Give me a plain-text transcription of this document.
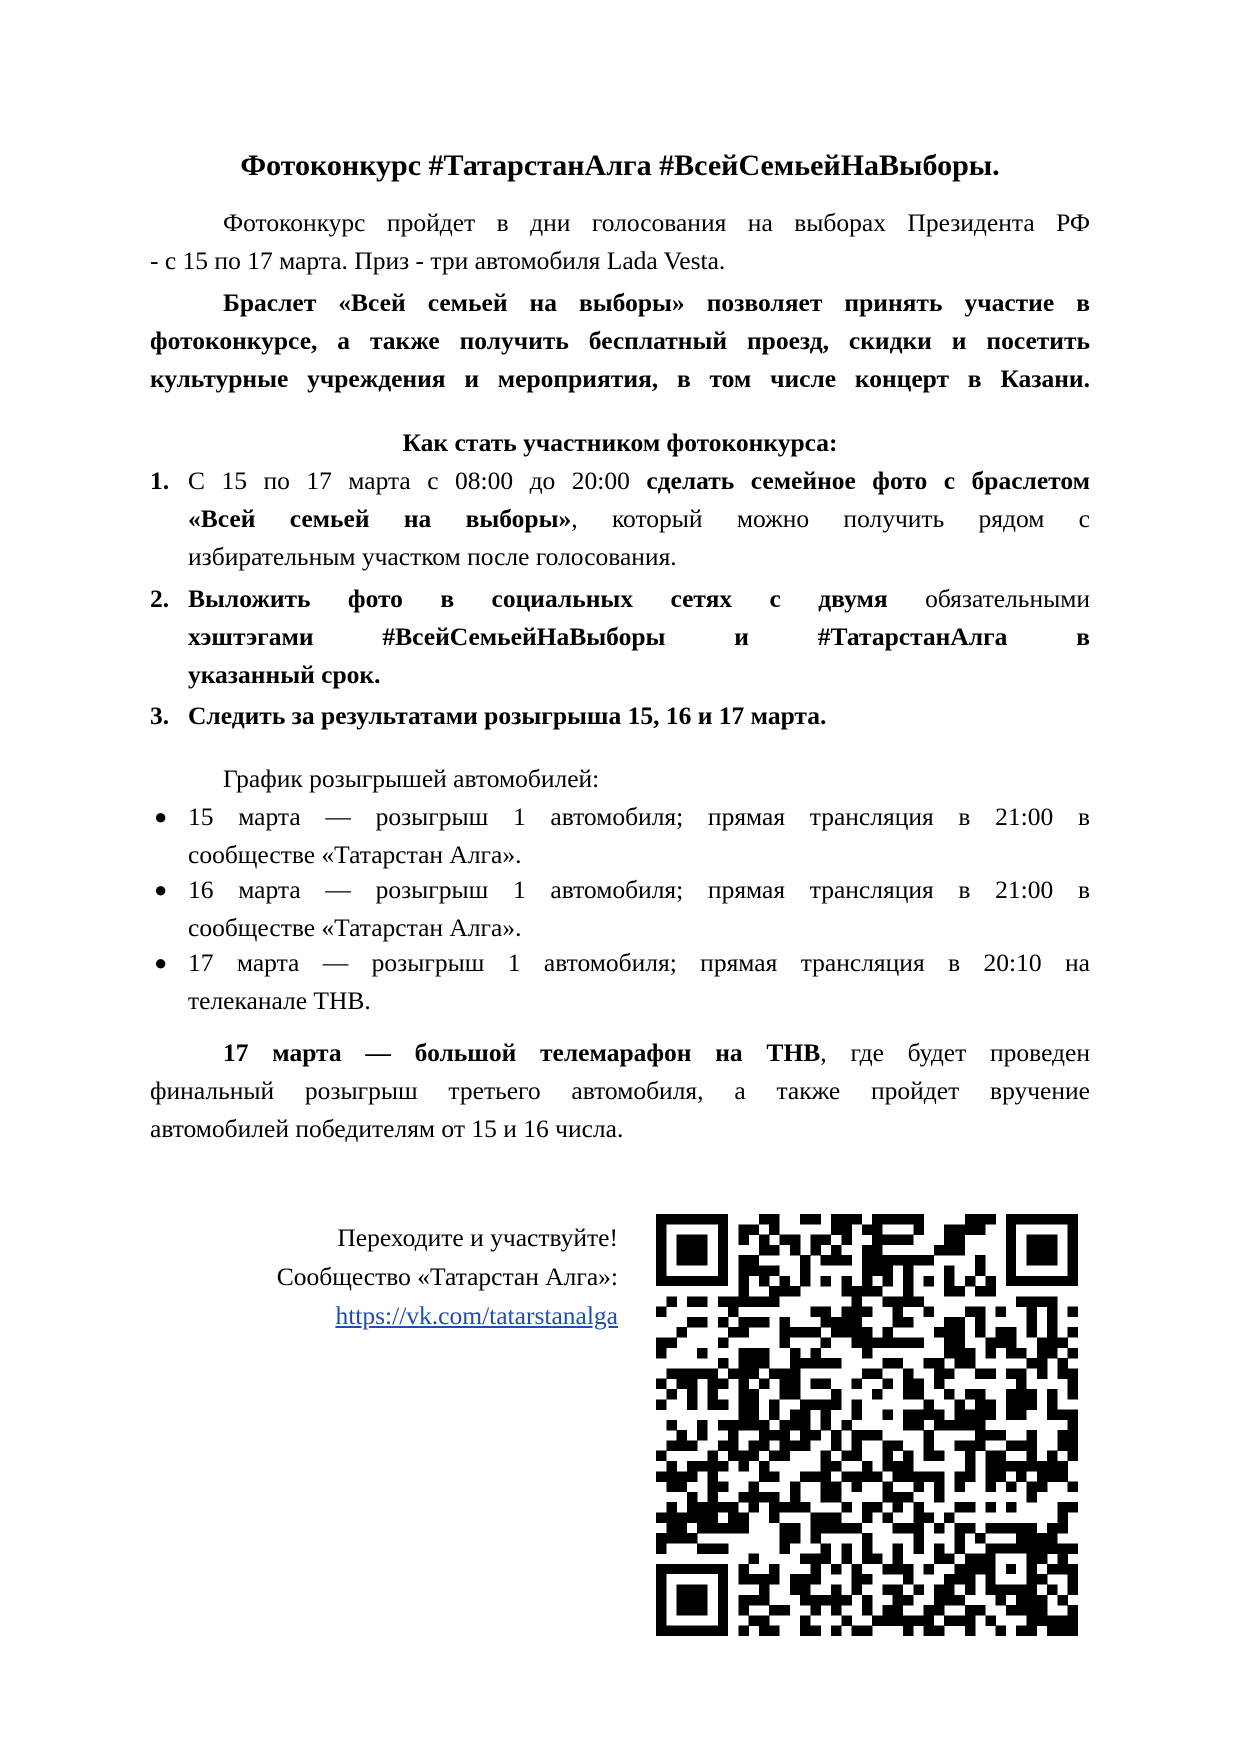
Фотоконкурс #ТатарстанАлга #ВсейСемьейНаВыборы.
Фотоконкурс пройдет в дни голосования на выборах Президента РФ
- с 15 по 17 марта. Приз - три автомобиля Lada Vesta.
Браслет «Всей семьей на выборы» позволяет принять участие в
фотоконкурсе, а также получить бесплатный проезд, скидки и посетить
культурные учреждения и мероприятия, в том числе концерт в Казани.
Как стать участником фотоконкурса:
1. С 15 по 17 марта с 08:00 до 20:00 сделать семейное фото с браслетом
«Всей семьей на выборы», который можно получить рядом с
избирательным участком после голосования.
2. Выложить фото в социальных сетях с двумя обязательными
хэштэгами #ВсейСемьейНаВыборы и #ТатарстанАлга в
указанный срок.
3. Следить за результатами розыгрыша 15, 16 и 17 марта.
График розыгрышей автомобилей:
● 15 марта — розыгрыш 1 автомобиля; прямая трансляция в 21:00 в
сообществе «Татарстан Алга».
● 16 марта — розыгрыш 1 автомобиля; прямая трансляция в 21:00 в
сообществе «Татарстан Алга».
● 17 марта — розыгрыш 1 автомобиля; прямая трансляция в 20:10 на
телеканале ТНВ.
17 марта — большой телемарафон на ТНВ, где будет проведен
финальный розыгрыш третьего автомобиля, а также пройдет вручение
автомобилей победителям от 15 и 16 числа.
Переходите и участвуйте!
Сообщество «Татарстан Алга»:
https://vk.com/tatarstanalga
